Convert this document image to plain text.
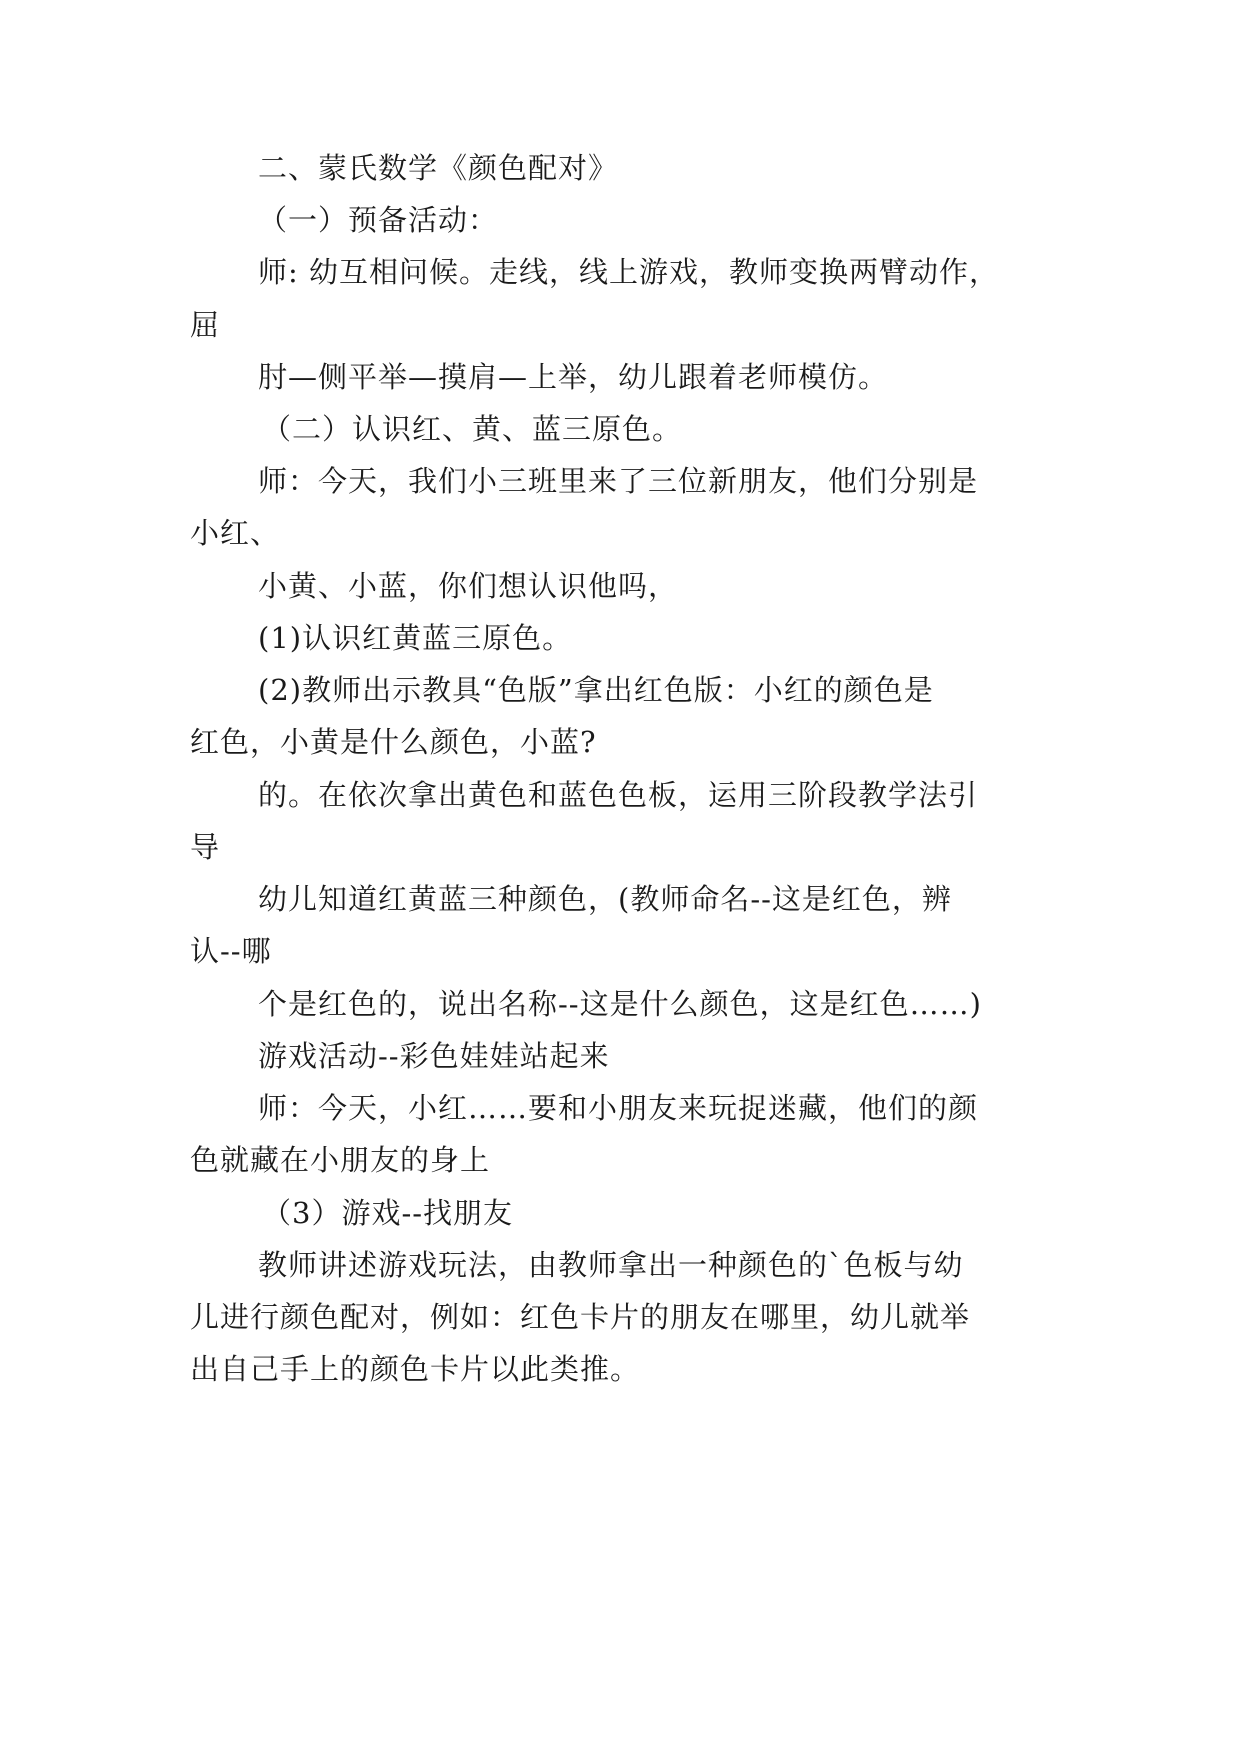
二、蒙氏数学《颜色配对》
（一）预备活动：
师: 幼互相问候。走线，线上游戏，教师变换两臂动作，
屈
肘—侧平举—摸肩—上举，幼儿跟着老师模仿。
（二）认识红、黄、蓝三原色。
师：今天，我们小三班里来了三位新朋友，他们分别是
小红、
小黄、小蓝，你们想认识他吗，
(1)认识红黄蓝三原色。
(2)教师出示教具“色版”拿出红色版：小红的颜色是
红色，小黄是什么颜色，小蓝?
的。在依次拿出黄色和蓝色色板，运用三阶段教学法引
导
幼儿知道红黄蓝三种颜色，(教师命名--这是红色，辨
认--哪
个是红色的，说出名称--这是什么颜色，这是红色……)
游戏活动--彩色娃娃站起来
师：今天，小红……要和小朋友来玩捉迷藏，他们的颜
色就藏在小朋友的身上
（3）游戏--找朋友
教师讲述游戏玩法，由教师拿出一种颜色的`色板与幼
儿进行颜色配对，例如：红色卡片的朋友在哪里，幼儿就举
出自己手上的颜色卡片以此类推。
